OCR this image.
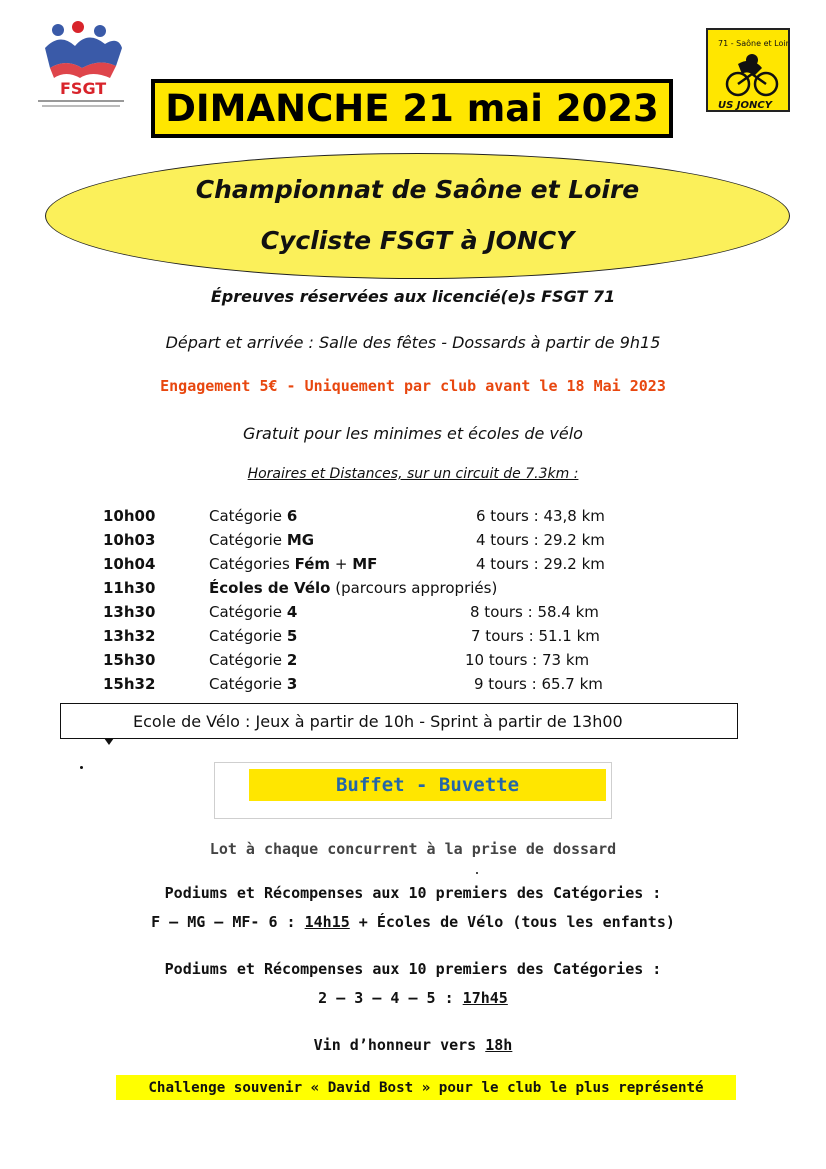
FSGT
71 - Saône et Loire
US JONCY
DIMANCHE 21 mai 2023
Championnat de Saône et Loire
Cycliste FSGT à JONCY
Épreuves réservées aux licencié(e)s FSGT 71
Départ et arrivée : Salle des fêtes - Dossards à partir de 9h15
Engagement 5€ - Uniquement par club avant le 18 Mai 2023
Gratuit pour les minimes et écoles de vélo
Horaires et Distances, sur un circuit de 7.3km :
10h00	Catégorie 6	6 tours : 43,8 km
10h03	Catégorie MG	4 tours : 29.2 km
10h04	Catégories Fém + MF	4 tours : 29.2 km
11h30	Écoles de Vélo (parcours appropriés)
13h30	Catégorie 4	8 tours : 58.4 km
13h32	Catégorie 5	7 tours : 51.1 km
15h30	Catégorie 2	10 tours : 73 km
15h32	Catégorie 3	9 tours : 65.7 km
Ecole de Vélo : Jeux à partir de 10h - Sprint à partir de 13h00
Buffet - Buvette
Lot à chaque concurrent à la prise de dossard
Podiums et Récompenses aux 10 premiers des Catégories :
F – MG – MF- 6 : 14h15 + Écoles de Vélo (tous les enfants)
Podiums et Récompenses aux 10 premiers des Catégories :
2 – 3 – 4 – 5 : 17h45
Vin d’honneur vers 18h
Challenge souvenir « David Bost » pour le club le plus représenté
